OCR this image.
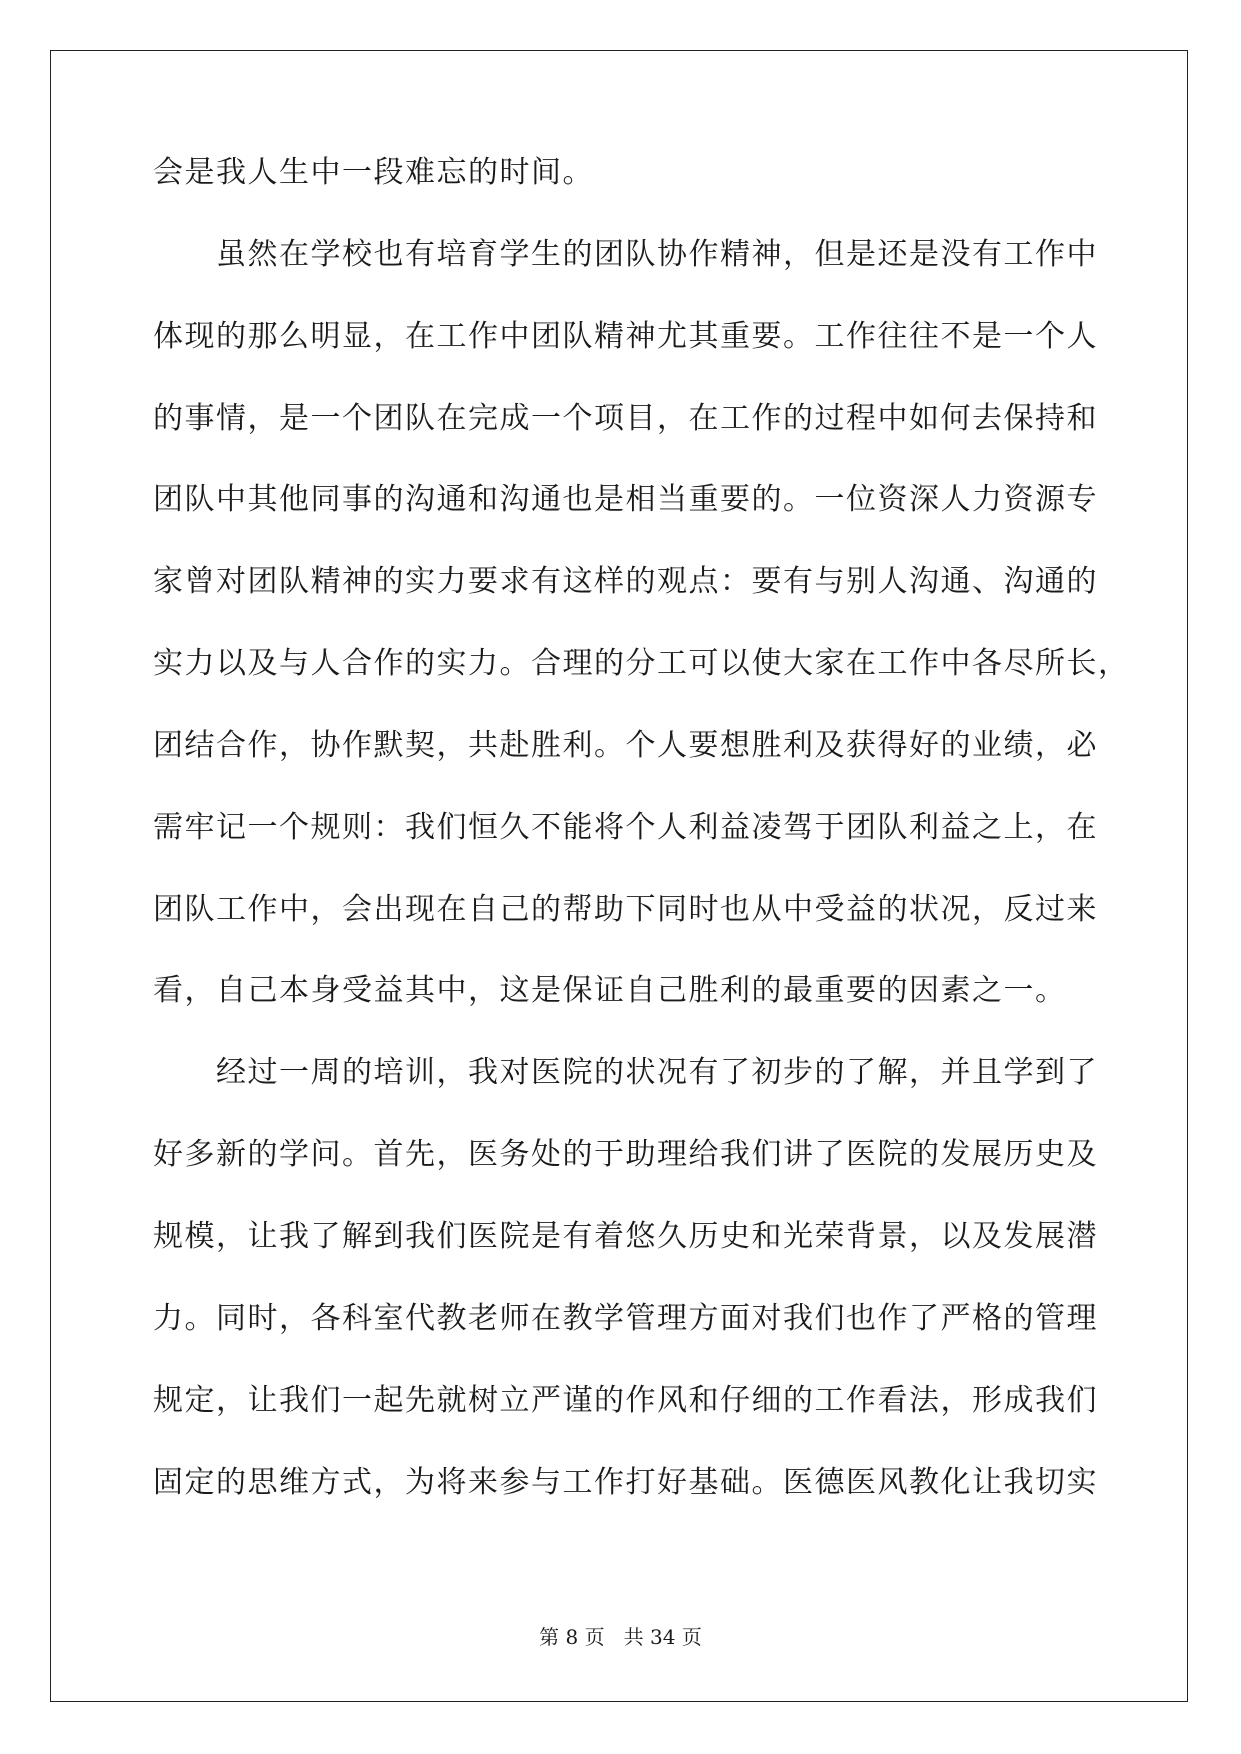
会是我人生中一段难忘的时间。
　　虽然在学校也有培育学生的团队协作精神，但是还是没有工作中
体现的那么明显，在工作中团队精神尤其重要。工作往往不是一个人
的事情，是一个团队在完成一个项目，在工作的过程中如何去保持和
团队中其他同事的沟通和沟通也是相当重要的。一位资深人力资源专
家曾对团队精神的实力要求有这样的观点：要有与别人沟通、沟通的
实力以及与人合作的实力。合理的分工可以使大家在工作中各尽所长，
团结合作，协作默契，共赴胜利。个人要想胜利及获得好的业绩，必
需牢记一个规则：我们恒久不能将个人利益凌驾于团队利益之上，在
团队工作中，会出现在自己的帮助下同时也从中受益的状况，反过来
看，自己本身受益其中，这是保证自己胜利的最重要的因素之一。
　　经过一周的培训，我对医院的状况有了初步的了解，并且学到了
好多新的学问。首先，医务处的于助理给我们讲了医院的发展历史及
规模，让我了解到我们医院是有着悠久历史和光荣背景，以及发展潜
力。同时，各科室代教老师在教学管理方面对我们也作了严格的管理
规定，让我们一起先就树立严谨的作风和仔细的工作看法，形成我们
固定的思维方式，为将来参与工作打好基础。医德医风教化让我切实
第 8 页   共 34 页
